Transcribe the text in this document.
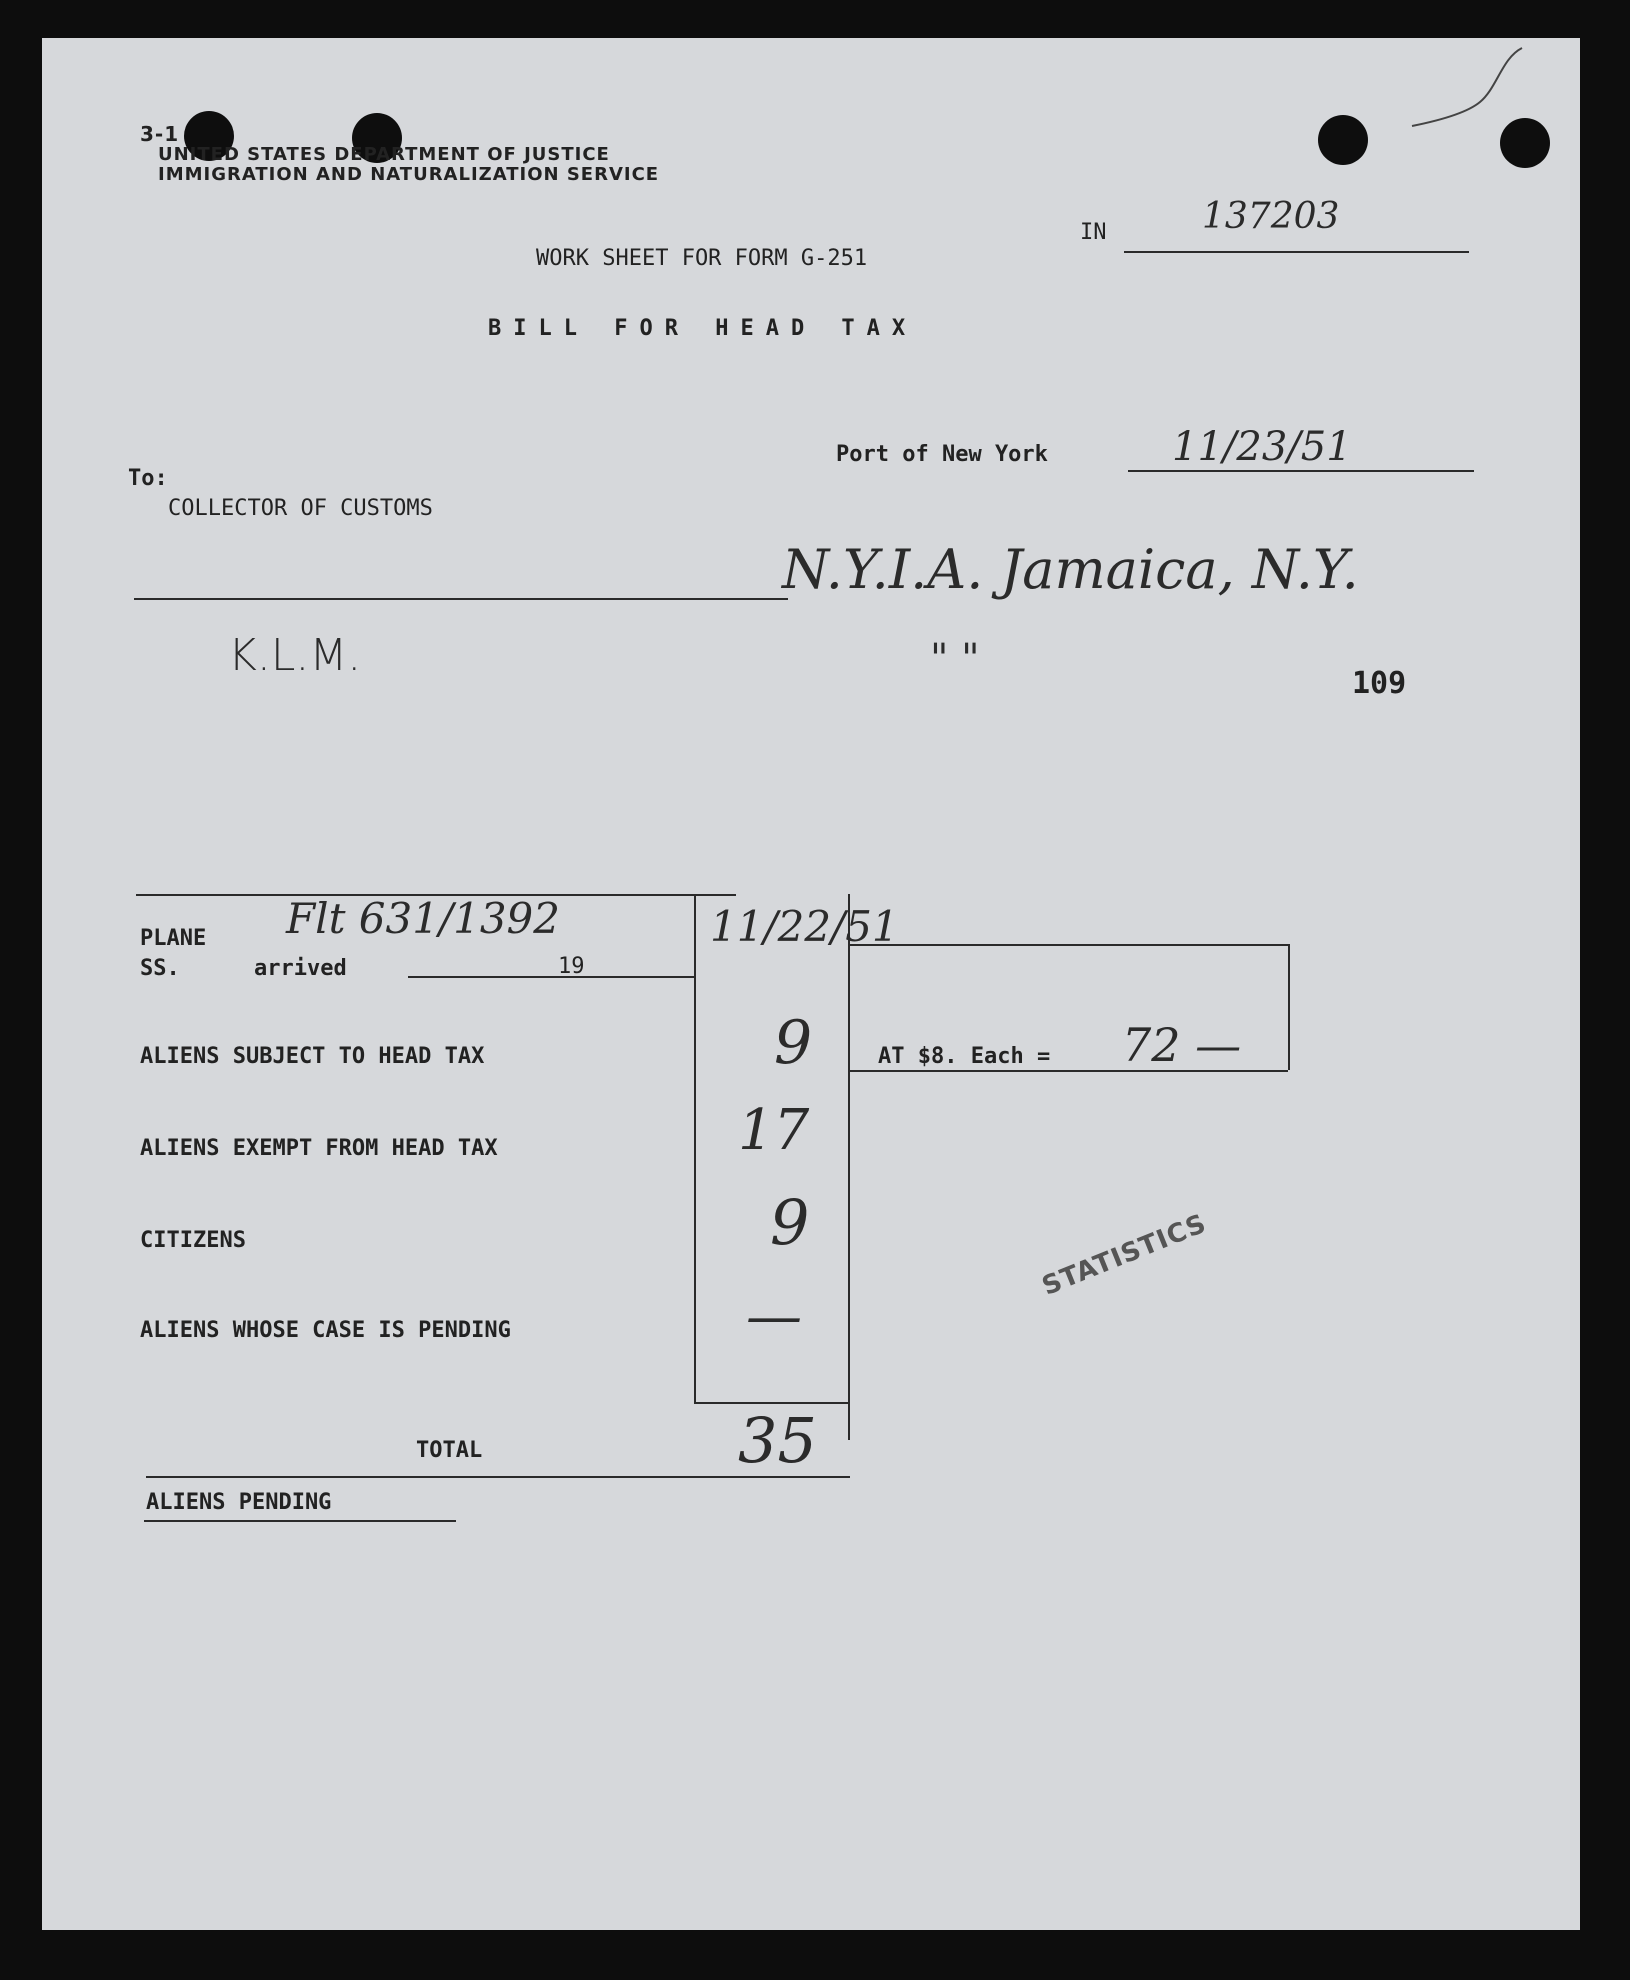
3-1
UNITED STATES DEPARTMENT OF JUSTICE
IMMIGRATION AND NATURALIZATION SERVICE
IN	137203
WORK SHEET FOR FORM G-251
BILL FOR HEAD TAX
Port of New York	11/23/51
To:
COLLECTOR OF CUSTOMS
N.Y.I.A. Jamaica, N.Y.
K.L.M.	" "
109
PLANE
SS.	arrived	19
Flt 631/1392	11/22/51
ALIENS SUBJECT TO HEAD TAX	9
ALIENS EXEMPT FROM HEAD TAX	17
CITIZENS	9
ALIENS WHOSE CASE IS PENDING	—
TOTAL	35
AT $8. Each = 72 —
ALIENS PENDING
STATISTICS
